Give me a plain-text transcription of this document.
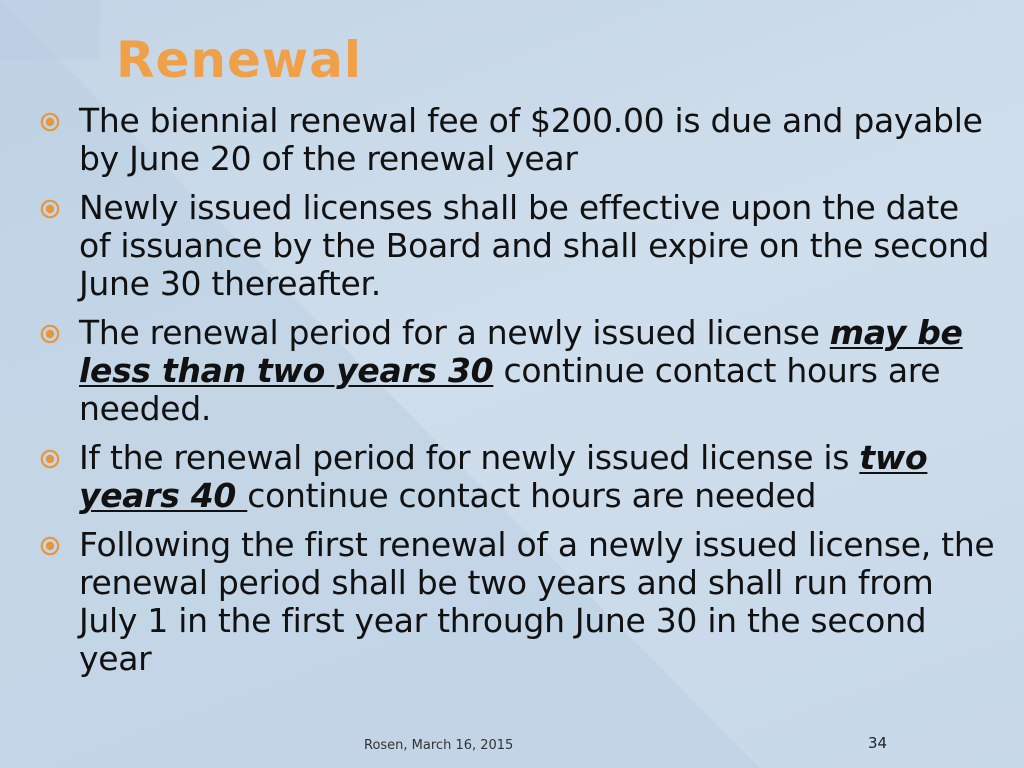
Renewal
The biennial renewal fee of $200.00 is due and payable by June 20 of the renewal year
Newly issued licenses shall be effective upon the date of issuance by the Board and shall expire on the second June 30 thereafter.
The renewal period for a newly issued license may be less than two years 30 continue contact hours are needed.
If the renewal period for newly issued license is two years 40 continue contact hours are needed
Following the first renewal of a newly issued license, the renewal period shall be two years and shall run from July 1 in the first year through June 30 in the second year
Rosen, March 16, 2015	34
